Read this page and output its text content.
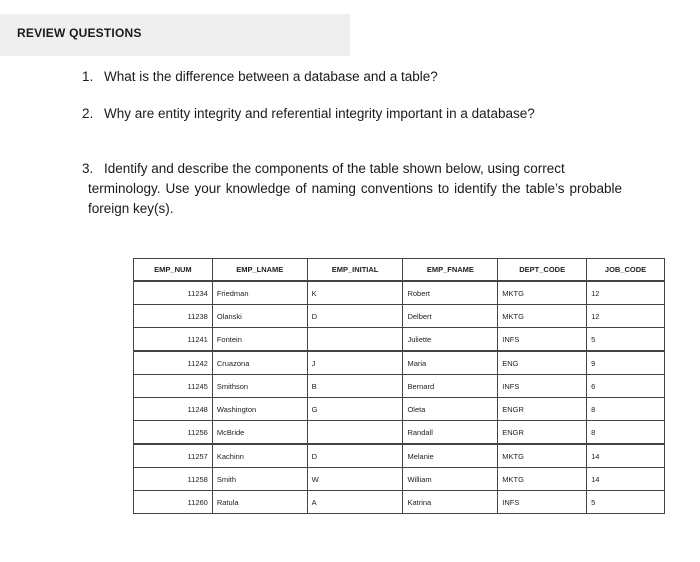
REVIEW QUESTIONS
1. What is the difference between a database and a table?
2. Why are entity integrity and referential integrity important in a database?
3. Identify and describe the components of the table shown below, using correct
terminology. Use your knowledge of naming conventions to identify the table’s probable foreign key(s).
EMP_NUM	EMP_LNAME	EMP_INITIAL	EMP_FNAME	DEPT_CODE	JOB_CODE
11234	Friedman	K	Robert	MKTG	12
11238	Olanski	D	Delbert	MKTG	12
11241	Fontein		Juliette	INFS	5
11242	Cruazona	J	Maria	ENG	9
11245	Smithson	B	Bernard	INFS	6
11248	Washington	G	Oleta	ENGR	8
11256	McBride		Randall	ENGR	8
11257	Kachinn	D	Melanie	MKTG	14
11258	Smith	W	William	MKTG	14
11260	Ratula	A	Katrina	INFS	5
